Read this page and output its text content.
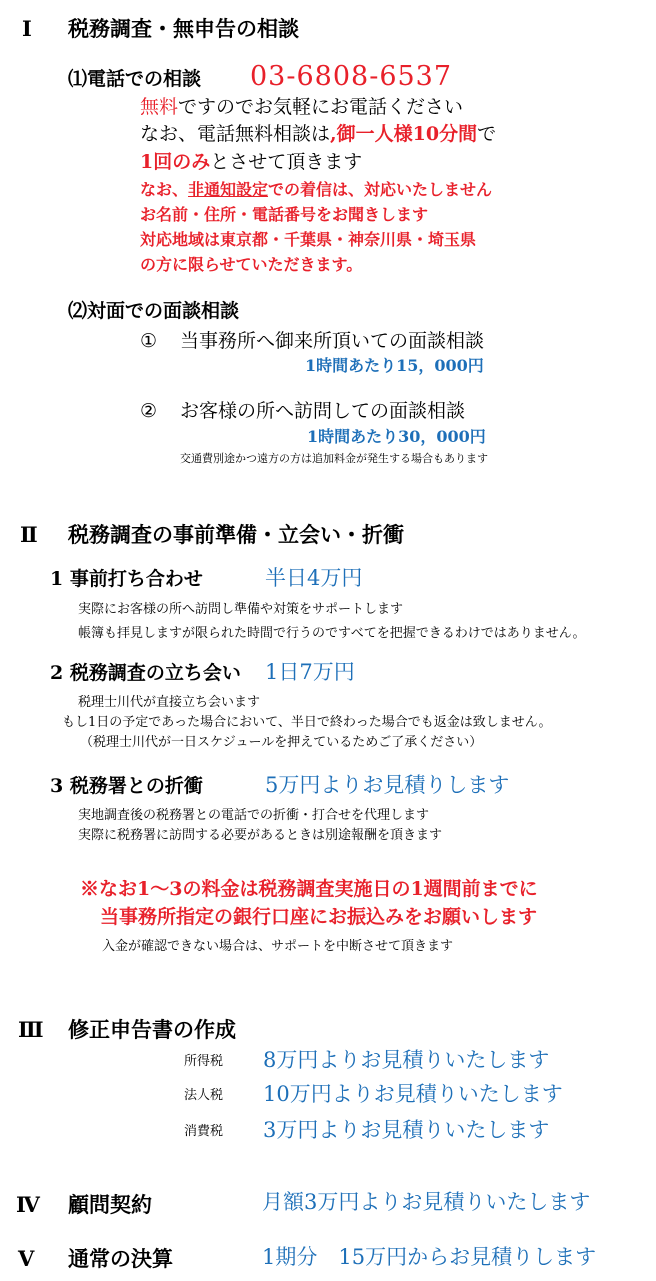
Ⅰ 税務調査・無申告の相談
⑴電話での相談 03-6808-6537
無料ですのでお気軽にお電話ください
なお、電話無料相談は,御一人様10分間で
1回のみとさせて頂きます
なお、非通知設定での着信は、対応いたしません
お名前・住所・電話番号をお聞きします
対応地域は東京都・千葉県・神奈川県・埼玉県
の方に限らせていただきます。
⑵対面での面談相談
① 当事務所へ御来所頂いての面談相談
1時間あたり15，000円
② お客様の所へ訪問しての面談相談
1時間あたり30，000円
交通費別途かつ遠方の方は追加料金が発生する場合もあります
Ⅱ 税務調査の事前準備・立会い・折衝
1 事前打ち合わせ	半日4万円
実際にお客様の所へ訪問し準備や対策をサポートします
帳簿も拝見しますが限られた時間で行うのですべてを把握できるわけではありません。
2 税務調査の立ち会い 1日7万円
税理士川代が直接立ち会います
もし1日の予定であった場合において、半日で終わった場合でも返金は致しません。
（税理士川代が一日スケジュールを押えているためご了承ください）
3 税務署との折衝	5万円よりお見積りします
実地調査後の税務署との電話での折衝・打合せを代理します
実際に税務署に訪問する必要があるときは別途報酬を頂きます
※なお1～3の料金は税務調査実施日の1週間前までに
当事務所指定の銀行口座にお振込みをお願いします
入金が確認できない場合は、サポートを中断させて頂きます
Ⅲ 修正申告書の作成
所得税 8万円よりお見積りいたします
法人税 10万円よりお見積りいたします
消費税 3万円よりお見積りいたします
Ⅳ 顧問契約	月額3万円よりお見積りいたします
Ⅴ 通常の決算	1期分　15万円からお見積りします
